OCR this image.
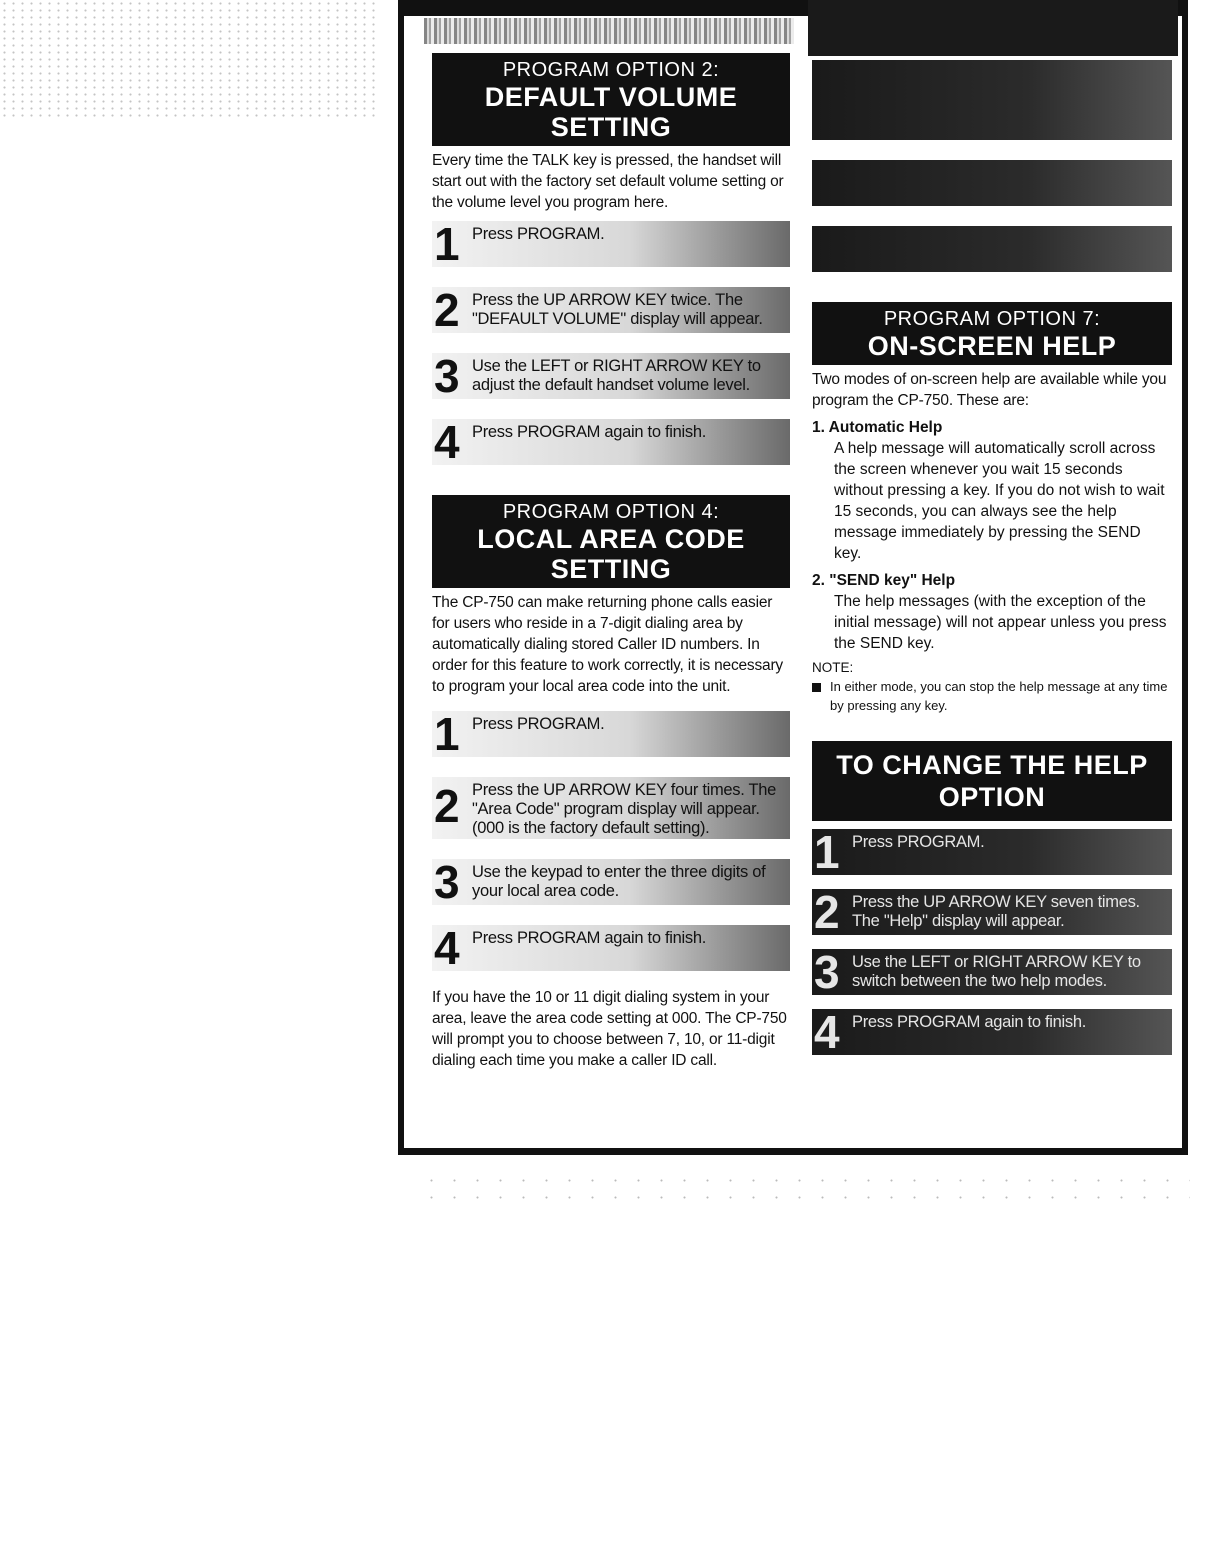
PROGRAM OPTION 2:
DEFAULT VOLUME SETTING

Every time the TALK key is pressed, the handset will start out with the factory set default volume setting or the volume level you program here.

1 Press PROGRAM.
2 Press the UP ARROW KEY twice. The "DEFAULT VOLUME" display will appear.
3 Use the LEFT or RIGHT ARROW KEY to adjust the default handset volume level.
4 Press PROGRAM again to finish.
PROGRAM OPTION 4:
LOCAL AREA CODE SETTING

The CP-750 can make returning phone calls easier for users who reside in a 7-digit dialing area by automatically dialing stored Caller ID numbers. In order for this feature to work correctly, it is necessary to program your local area code into the unit.

1 Press PROGRAM.
2 Press the UP ARROW KEY four times. The "Area Code" program display will appear. (000 is the factory default setting).
3 Use the keypad to enter the three digits of your local area code.
4 Press PROGRAM again to finish.

If you have the 10 or 11 digit dialing system in your area, leave the area code setting at 000. The CP-750 will prompt you to choose between 7, 10, or 11-digit dialing each time you make a caller ID call.

PROGRAM OPTION 7:
ON-SCREEN HELP

Two modes of on-screen help are available while you program the CP-750. These are:

1. Automatic Help
A help message will automatically scroll across the screen whenever you wait 15 seconds without pressing a key. If you do not wish to wait 15 seconds, you can always see the help message immediately by pressing the SEND key.
2. "SEND key" Help
The help messages (with the exception of the initial message) will not appear unless you press the SEND key.
NOTE:
In either mode, you can stop the help message at any time by pressing any key.
TO CHANGE THE HELP OPTION
1 Press PROGRAM.
2 Press the UP ARROW KEY seven times. The "Help" display will appear.
3 Use the LEFT or RIGHT ARROW KEY to switch between the two help modes.
4 Press PROGRAM again to finish.
